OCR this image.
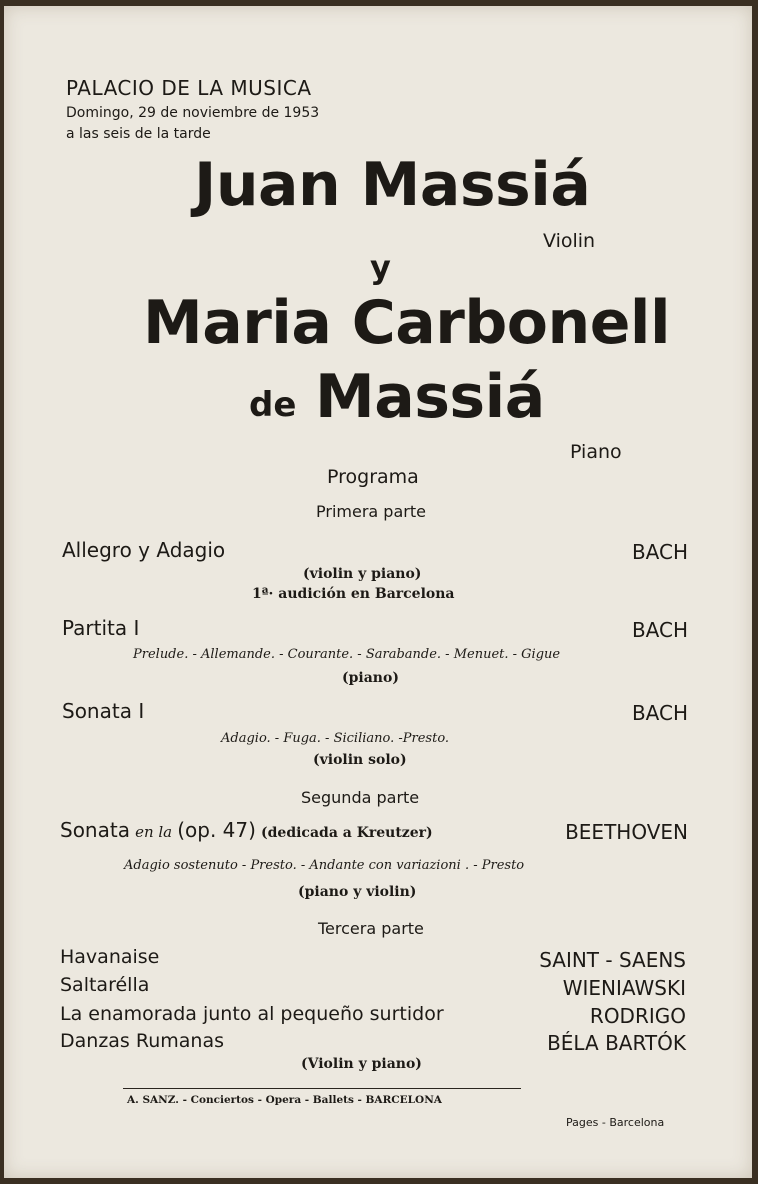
PALACIO DE LA MUSICA
Domingo, 29 de noviembre de 1953
a las seis de la tarde
Juan Massiá
Violin
y
Maria Carbonell
de Massiá
Piano
Programa
Primera parte
Allegro y Adagio	BACH
(violin y piano)
1ª· audición en Barcelona
Partita I	BACH
Prelude. - Allemande. - Courante. - Sarabande. - Menuet. - Gigue
(piano)
Sonata I	BACH
Adagio. - Fuga. - Siciliano. -Presto.
(violin solo)
Segunda parte
Sonata en la (op. 47) (dedicada a Kreutzer)	BEETHOVEN
Adagio sostenuto - Presto. - Andante con variazioni . - Presto
(piano y violin)
Tercera parte
Havanaise	SAINT - SAENS
Saltarélla	WIENIAWSKI
La enamorada junto al pequeño surtidor	RODRIGO
Danzas Rumanas	BÉLA BARTÓK
(Violin y piano)
A. SANZ. - Conciertos - Opera - Ballets - BARCELONA
Pages - Barcelona
